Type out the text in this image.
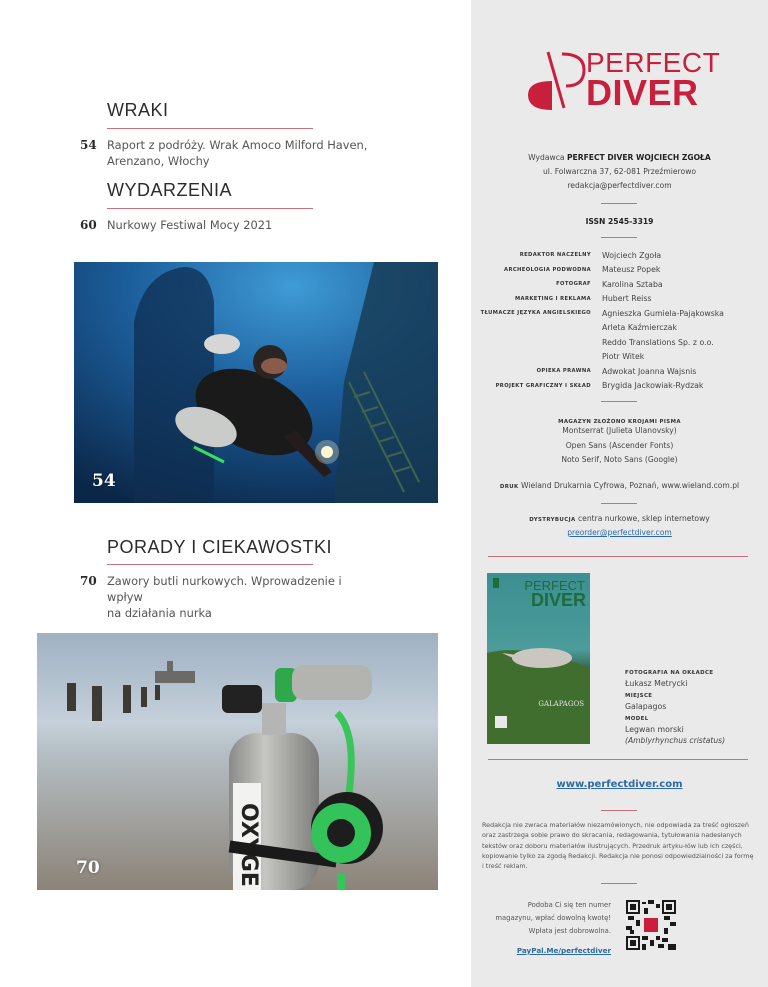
WRAKI
54 Raport z podróży. Wrak Amoco Milford Haven,
Arenzano, Włochy
WYDARZENIA
60 Nurkowy Festiwal Mocy 2021
54
PORADY I CIEKAWOSTKI
70 Zawory butli nurkowych. Wprowadzenie i wpływ
na działania nurka
70
PERFECT
DIVER
Wydawca PERFECT DIVER WOJCIECH ZGOŁA
ul. Folwarczna 37, 62-081 Przeźmierowo
redakcja@perfectdiver.com
ISSN 2545-3319
REDAKTOR NACZELNY	Wojciech Zgoła
ARCHEOLOGIA PODWODNA	Mateusz Popek
FOTOGRAF	Karolina Sztaba
MARKETING I REKLAMA	Hubert Reiss
TŁUMACZE JĘZYKA ANGIELSKIEGO	Agnieszka Gumiela-Pająkowska
Arleta Kaźmierczak
Reddo Translations Sp. z o.o.
Piotr Witek
OPIEKA PRAWNA	Adwokat Joanna Wajsnis
PROJEKT GRAFICZNY I SKŁAD	Brygida Jackowiak-Rydzak
MAGAZYN ZŁOŻONO KROJAMI PISMA
Montserrat (Julieta Ulanovsky)
Open Sans (Ascender Fonts)
Noto Serif, Noto Sans (Google)
DRUK Wieland Drukarnia Cyfrowa, Poznań, www.wieland.com.pl
DYSTRYBUCJA centra nurkowe, sklep internetowy
preorder@perfectdiver.com
PERFECT
DIVER
GALAPAGOS
FOTOGRAFIA NA OKŁADCE
Łukasz Metrycki
MIEJSCE
Galapagos
MODEL
Legwan morski
(Amblyrhynchus cristatus)
www.perfectdiver.com
Redakcja nie zwraca materiałów niezamówionych, nie odpowiada za treść ogłoszeń oraz zastrzega sobie prawo do skracania, redagowania, tytułowania nadesłanych tekstów oraz doboru materiałów ilustrujących. Przedruk artyku-łów lub ich części, kopiowanie tylko za zgodą Redakcji. Redakcja nie ponosi odpowiedzialności za formę i treść reklam.
Podoba Ci się ten numer
magazynu, wpłać dowolną kwotę!
Wpłata jest dobrowolna.
PayPal.Me/perfectdiver
